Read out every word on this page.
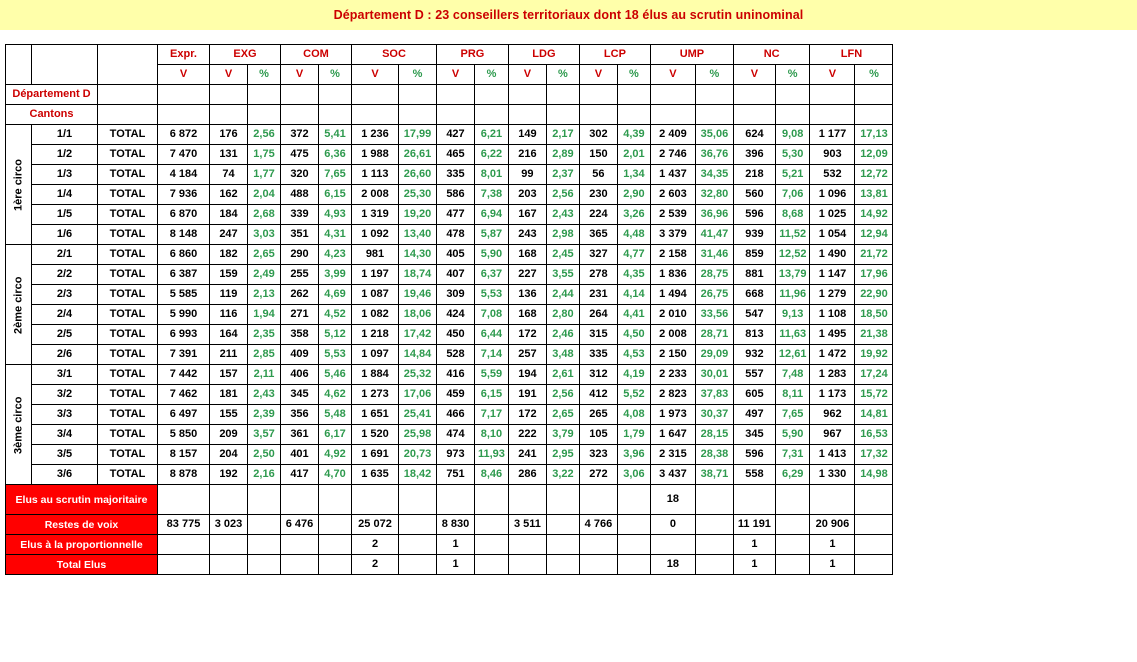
Département D : 23 conseillers territoriaux dont 18 élus au scrutin uninominal
			Expr.	EXG		COM		SOC		PRG		LDG		LCP		UMP		NC		LFN	
			V	V	%	V	%	V	%	V	%	V	%	V	%	V	%	V	%	V	%
Département D																					
Cantons																					
1ère circo	1/1	TOTAL	6 872	176	2,56	372	5,41	1 236	17,99	427	6,21	149	2,17	302	4,39	2 409	35,06	624	9,08	1 177	17,13
	1/2	TOTAL	7 470	131	1,75	475	6,36	1 988	26,61	465	6,22	216	2,89	150	2,01	2 746	36,76	396	5,30	903	12,09
	1/3	TOTAL	4 184	74	1,77	320	7,65	1 113	26,60	335	8,01	99	2,37	56	1,34	1 437	34,35	218	5,21	532	12,72
	1/4	TOTAL	7 936	162	2,04	488	6,15	2 008	25,30	586	7,38	203	2,56	230	2,90	2 603	32,80	560	7,06	1 096	13,81
	1/5	TOTAL	6 870	184	2,68	339	4,93	1 319	19,20	477	6,94	167	2,43	224	3,26	2 539	36,96	596	8,68	1 025	14,92
	1/6	TOTAL	8 148	247	3,03	351	4,31	1 092	13,40	478	5,87	243	2,98	365	4,48	3 379	41,47	939	11,52	1 054	12,94
2ème circo	2/1	TOTAL	6 860	182	2,65	290	4,23	981	14,30	405	5,90	168	2,45	327	4,77	2 158	31,46	859	12,52	1 490	21,72
	2/2	TOTAL	6 387	159	2,49	255	3,99	1 197	18,74	407	6,37	227	3,55	278	4,35	1 836	28,75	881	13,79	1 147	17,96
	2/3	TOTAL	5 585	119	2,13	262	4,69	1 087	19,46	309	5,53	136	2,44	231	4,14	1 494	26,75	668	11,96	1 279	22,90
	2/4	TOTAL	5 990	116	1,94	271	4,52	1 082	18,06	424	7,08	168	2,80	264	4,41	2 010	33,56	547	9,13	1 108	18,50
	2/5	TOTAL	6 993	164	2,35	358	5,12	1 218	17,42	450	6,44	172	2,46	315	4,50	2 008	28,71	813	11,63	1 495	21,38
	2/6	TOTAL	7 391	211	2,85	409	5,53	1 097	14,84	528	7,14	257	3,48	335	4,53	2 150	29,09	932	12,61	1 472	19,92
3ème circo	3/1	TOTAL	7 442	157	2,11	406	5,46	1 884	25,32	416	5,59	194	2,61	312	4,19	2 233	30,01	557	7,48	1 283	17,24
	3/2	TOTAL	7 462	181	2,43	345	4,62	1 273	17,06	459	6,15	191	2,56	412	5,52	2 823	37,83	605	8,11	1 173	15,72
	3/3	TOTAL	6 497	155	2,39	356	5,48	1 651	25,41	466	7,17	172	2,65	265	4,08	1 973	30,37	497	7,65	962	14,81
	3/4	TOTAL	5 850	209	3,57	361	6,17	1 520	25,98	474	8,10	222	3,79	105	1,79	1 647	28,15	345	5,90	967	16,53
	3/5	TOTAL	8 157	204	2,50	401	4,92	1 691	20,73	973	11,93	241	2,95	323	3,96	2 315	28,38	596	7,31	1 413	17,32
	3/6	TOTAL	8 878	192	2,16	417	4,70	1 635	18,42	751	8,46	286	3,22	272	3,06	3 437	38,71	558	6,29	1 330	14,98
Elus au scrutin majoritaire																18					
Restes de voix			83 775	3 023		6 476		25 072		8 830		3 511		4 766		0		11 191		20 906	
Elus à la proportionnelle								2		1								1		1	
Total Elus								2		1						18		1		1	
